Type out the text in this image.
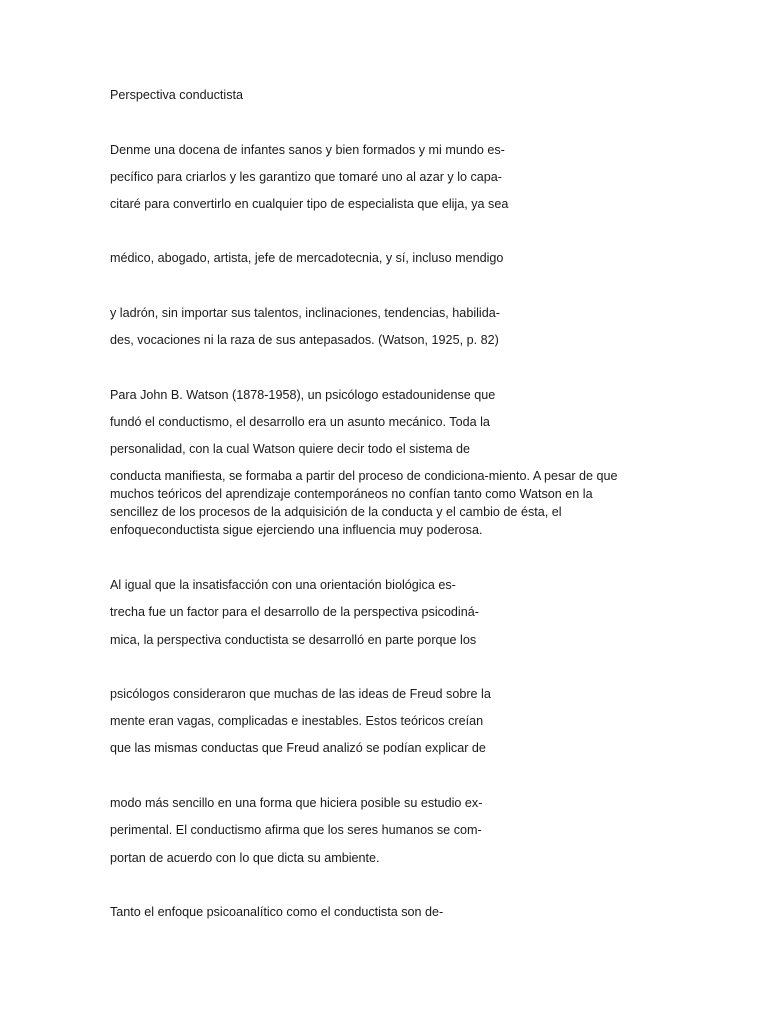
Perspectiva conductista

Denme una docena de infantes sanos y bien formados y mi mundo es-

pecífico para criarlos y les garantizo que tomaré uno al azar y lo capa-

citaré para convertirlo en cualquier tipo de especialista que elija, ya sea

médico, abogado, artista, jefe de mercadotecnia, y sí, incluso mendigo

y ladrón, sin importar sus talentos, inclinaciones, tendencias, habilida-

des, vocaciones ni la raza de sus antepasados. (Watson, 1925, p. 82)

Para John B. Watson (1878-1958), un psicólogo estadounidense que

fundó el conductismo, el desarrollo era un asunto mecánico. Toda la

personalidad, con la cual Watson quiere decir todo el sistema de

conducta manifiesta, se formaba a partir del proceso de condiciona-miento. A pesar de que

muchos teóricos del aprendizaje contemporáneos no confían tanto como Watson en la

sencillez de los procesos de la adquisición de la conducta y el cambio de ésta, el

enfoqueconductista sigue ejerciendo una influencia muy poderosa.

Al igual que la insatisfacción con una orientación biológica es-

trecha fue un factor para el desarrollo de la perspectiva psicodiná-

mica, la perspectiva conductista se desarrolló en parte porque los

psicólogos consideraron que muchas de las ideas de Freud sobre la

mente eran vagas, complicadas e inestables. Estos teóricos creían

que las mismas conductas que Freud analizó se podían explicar de

modo más sencillo en una forma que hiciera posible su estudio ex-

perimental. El conductismo afirma que los seres humanos se com-

portan de acuerdo con lo que dicta su ambiente.

Tanto el enfoque psicoanalítico como el conductista son de-
